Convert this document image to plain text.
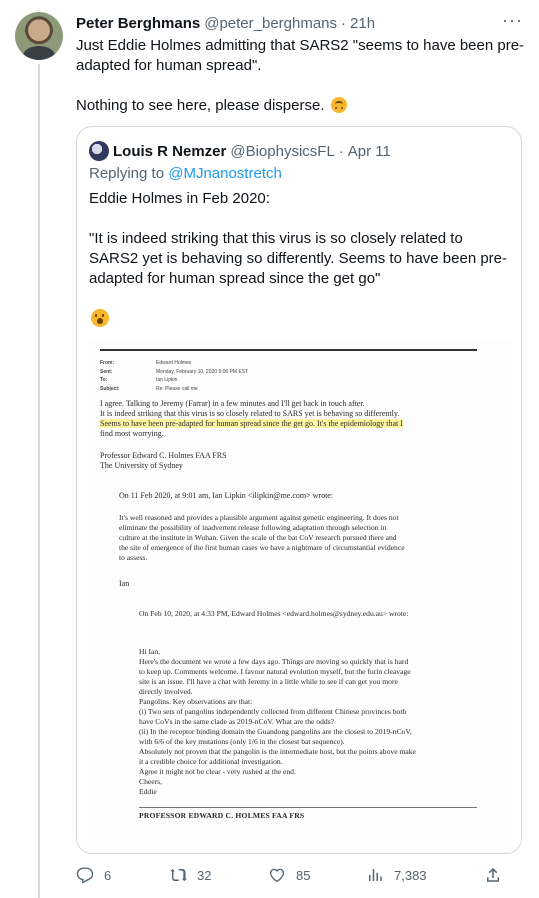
Peter Berghmans @peter_berghmans · 21h	···

Just Eddie Holmes admitting that SARS2 "seems to have been pre-adapted for human spread".

Nothing to see here, please disperse.

Louis R Nemzer @BiophysicsFL · Apr 11
Replying to @MJnanostretch

Eddie Holmes in Feb 2020:

"It is indeed striking that this virus is so closely related to SARS2 yet is behaving so differently. Seems to have been pre-adapted for human spread since the get go"

From:	Edward Holmes
Sent:	Monday, February 10, 2020 5:06 PM EST
To:	Ian Lipkin
Subject:	Re: Please call me
I agree. Talking to Jeremy (Farrar) in a few minutes and I'll get back in touch after.
It is indeed striking that this virus is so closely related to SARS yet is behaving so differently.
Seems to have been pre-adapted for human spread since the get go. It's the epidemiology that I
find most worrying.
Professor Edward C. Holmes FAA FRS
The University of Sydney
On 11 Feb 2020, at 9:01 am, Ian Lipkin <ilipkin@me.com> wrote:
It's well reasoned and provides a plausible argument against genetic engineering. It does not
eliminate the possibility of inadvertent release following adaptation through selection in
culture at the institute in Wuhan. Given the scale of the bat CoV research pursued there and
the site of emergence of the first human cases we have a nightmare of circumstantial evidence
to assess.
Ian
On Feb 10, 2020, at 4:33 PM, Edward Holmes <edward.holmes@sydney.edu.au> wrote:
Hi Ian,
Here's the document we wrote a few days ago. Things are moving so quickly that is hard
to keep up. Comments welcome. I favour natural evolution myself, but the furin cleavage
site is an issue. I'll have a chat with Jeremy in a little while to see if can get you more
directly involved.
Pangolins. Key observations are that:
(i) Two sets of pangolins independently collected from different Chinese provinces both
have CoVs in the same clade as 2019-nCoV. What are the odds?
(ii) In the receptor binding domain the Guandong pangolins are the closest to 2019-nCoV,
with 6/6 of the key mutations (only 1/6 in the closest bat sequence).
Absolutely not proven that the pangolin is the intermediate host, but the points above make
it a credible choice for additional investigation.
Agree it might not be clear - very rushed at the end.
Cheers,
Eddie
PROFESSOR EDWARD C. HOLMES FAA FRS
6	32	85	7,383
